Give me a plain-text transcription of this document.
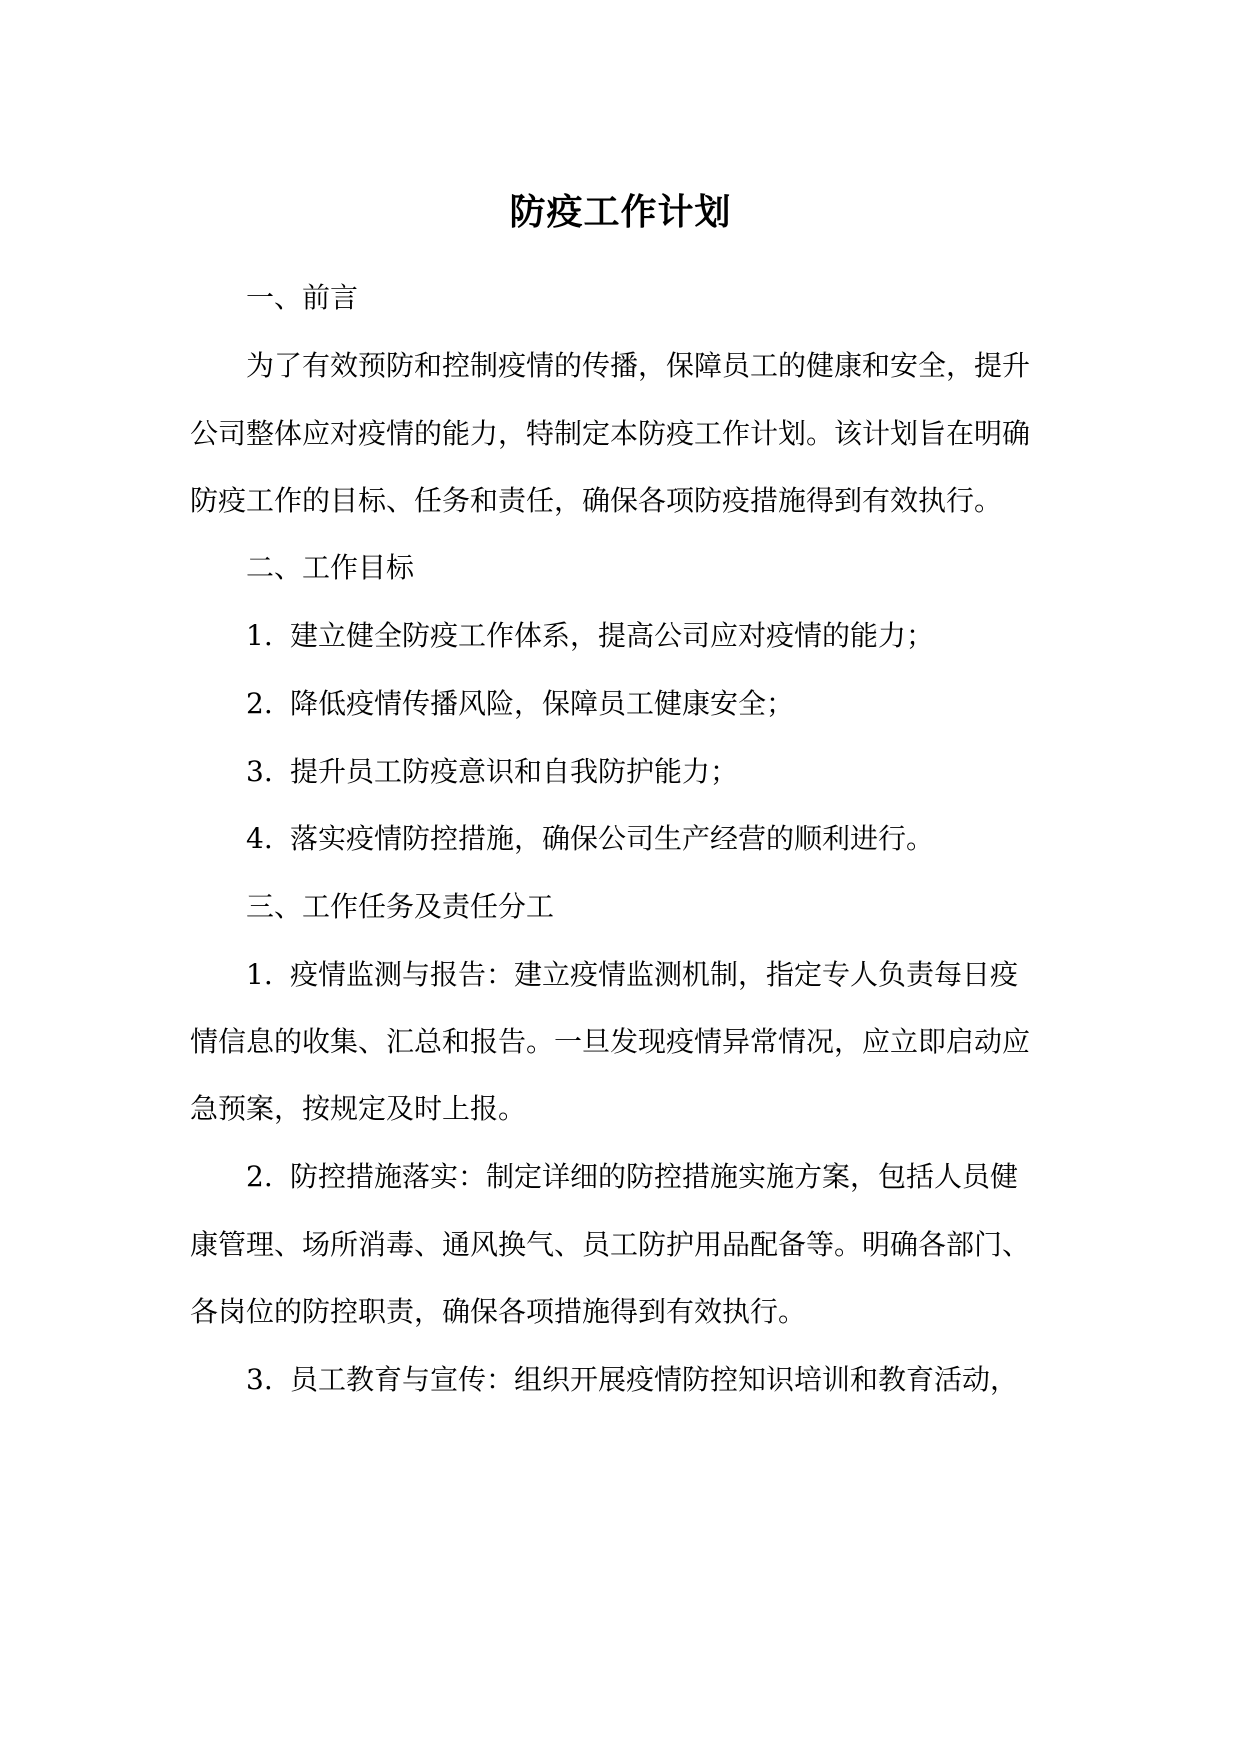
防疫工作计划
一、前言
为了有效预防和控制疫情的传播，保障员工的健康和安全，提升
公司整体应对疫情的能力，特制定本防疫工作计划。该计划旨在明确
防疫工作的目标、任务和责任，确保各项防疫措施得到有效执行。
二、工作目标
1. 建立健全防疫工作体系，提高公司应对疫情的能力；
2. 降低疫情传播风险，保障员工健康安全；
3. 提升员工防疫意识和自我防护能力；
4. 落实疫情防控措施，确保公司生产经营的顺利进行。
三、工作任务及责任分工
1. 疫情监测与报告：建立疫情监测机制，指定专人负责每日疫
情信息的收集、汇总和报告。一旦发现疫情异常情况，应立即启动应
急预案，按规定及时上报。
2. 防控措施落实：制定详细的防控措施实施方案，包括人员健
康管理、场所消毒、通风换气、员工防护用品配备等。明确各部门、
各岗位的防控职责，确保各项措施得到有效执行。
3. 员工教育与宣传：组织开展疫情防控知识培训和教育活动，
